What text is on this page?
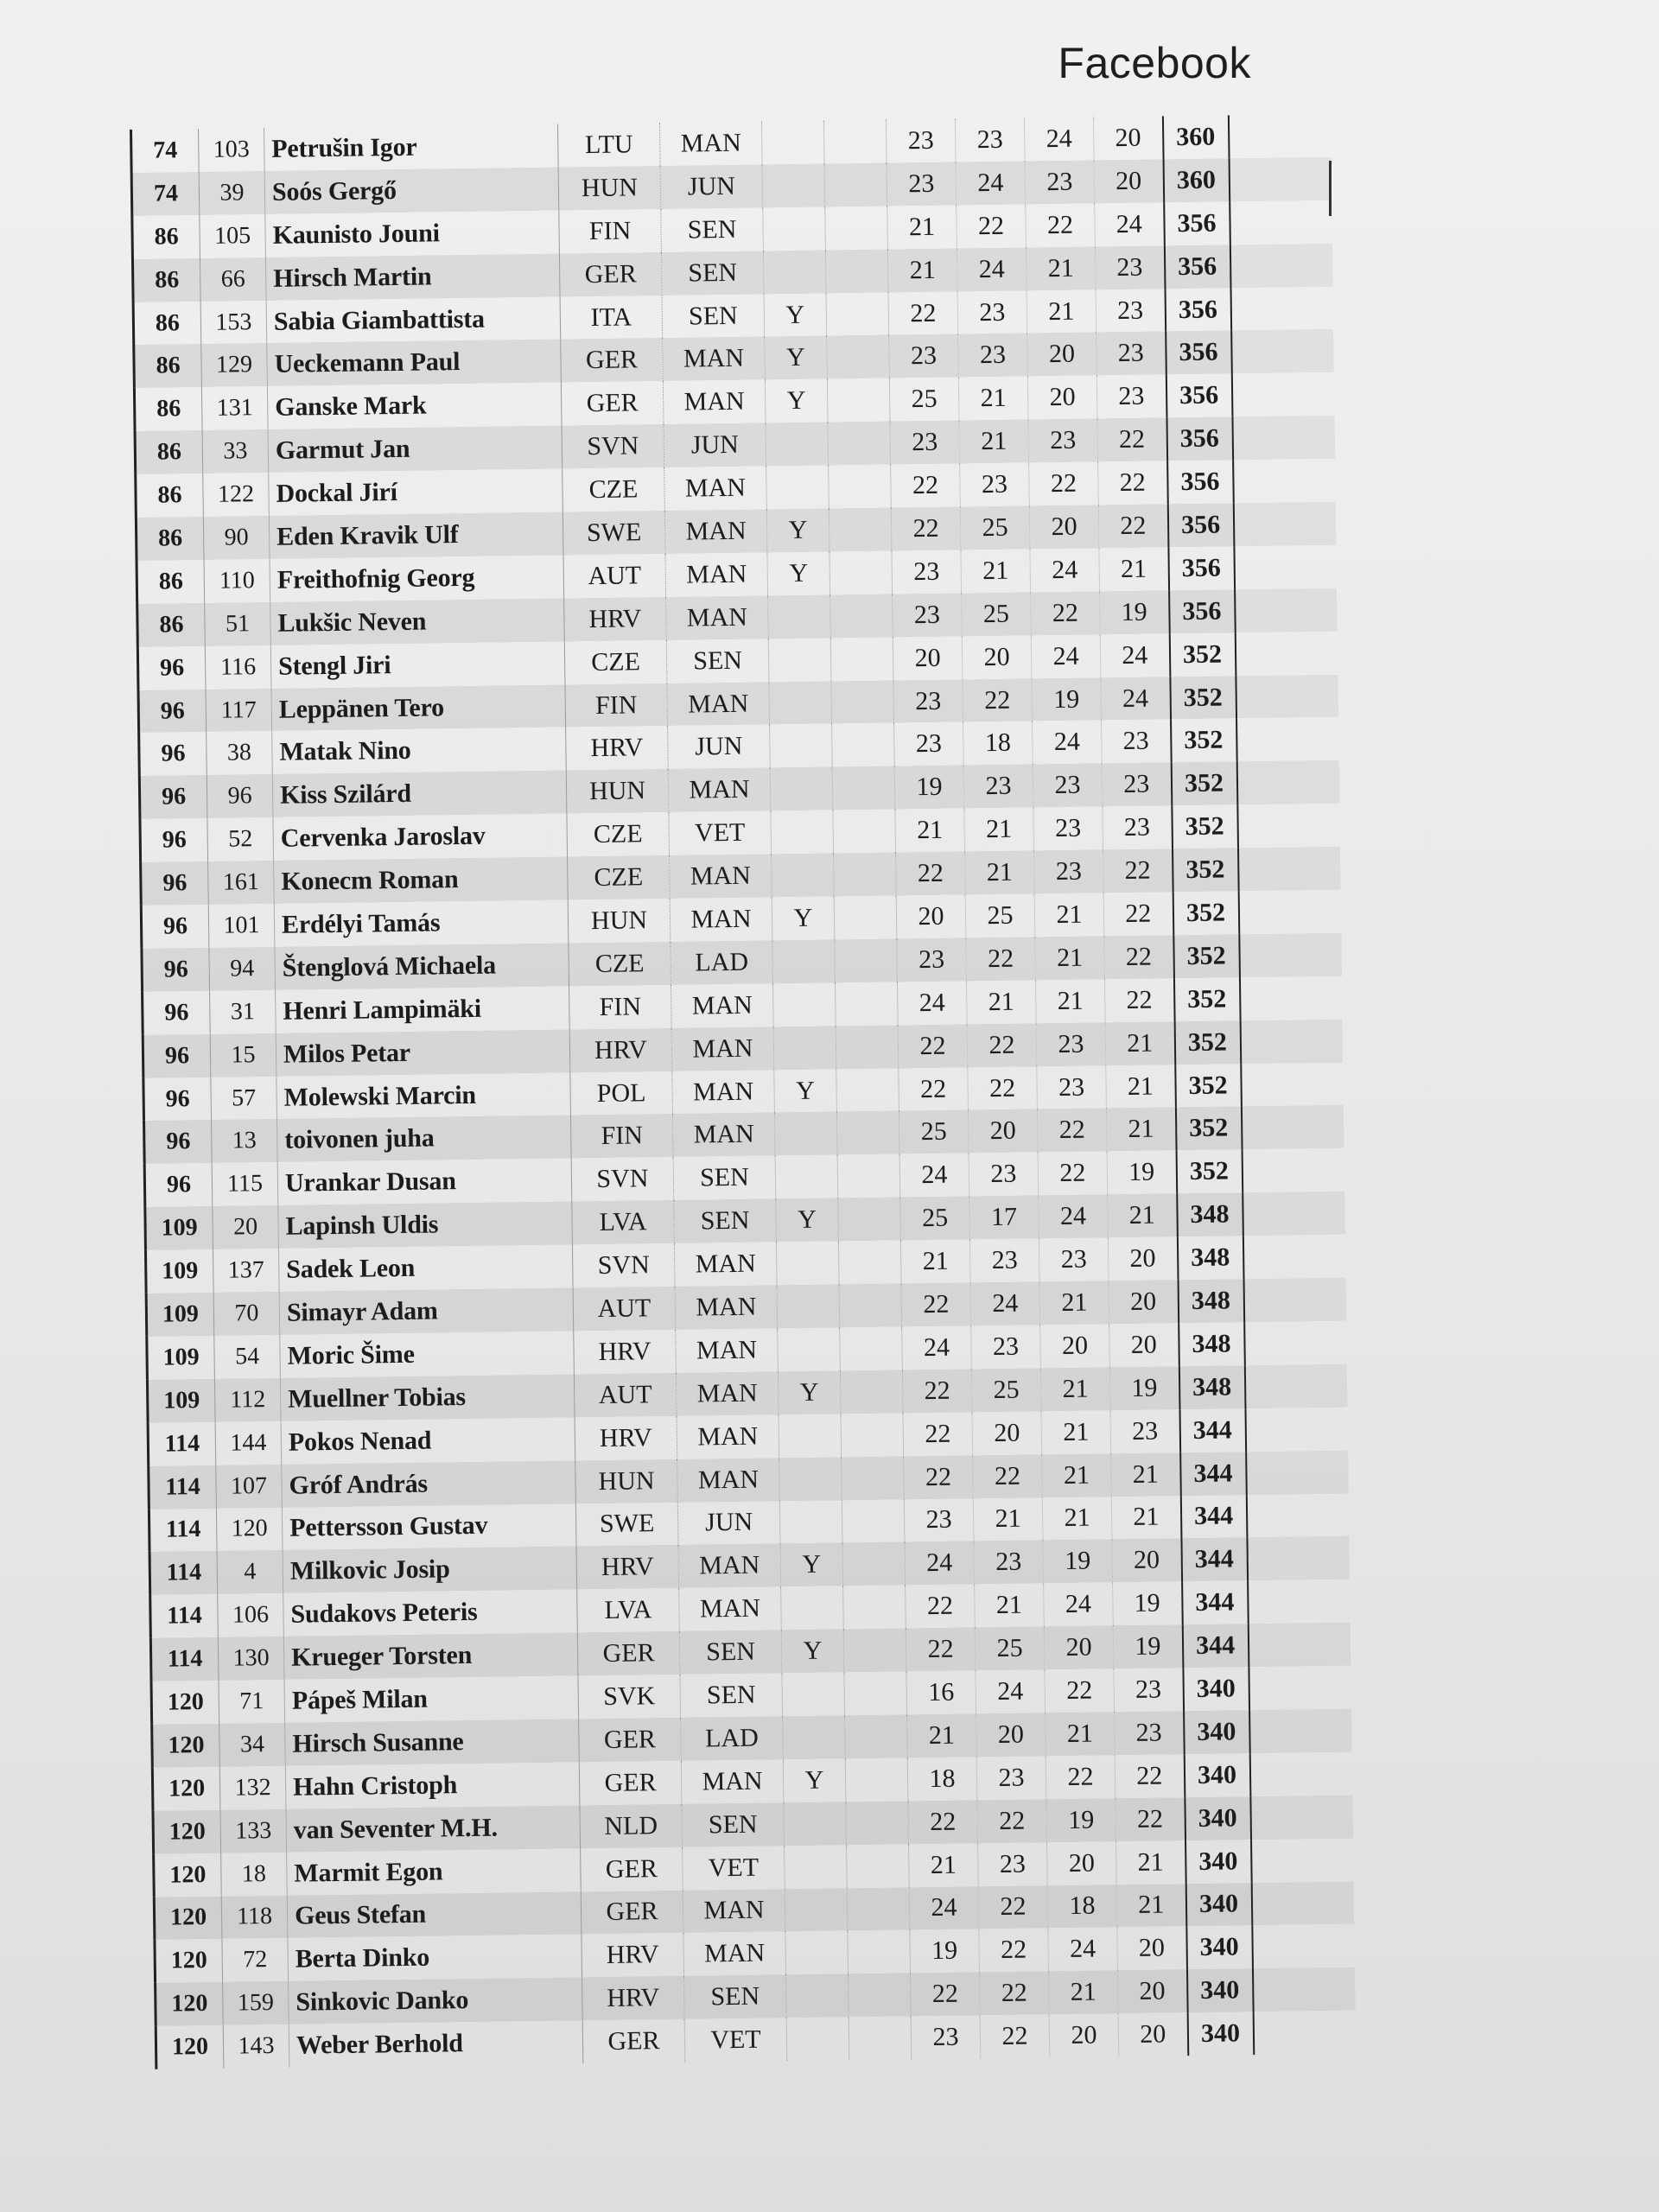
Facebook
74	103	Petrušin Igor	LTU	MAN			23	23	24	20	360	
74	39	Soós Gergő	HUN	JUN			23	24	23	20	360	
86	105	Kaunisto Jouni	FIN	SEN			21	22	22	24	356	
86	66	Hirsch Martin	GER	SEN			21	24	21	23	356	
86	153	Sabia Giambattista	ITA	SEN	Y		22	23	21	23	356	
86	129	Ueckemann Paul	GER	MAN	Y		23	23	20	23	356	
86	131	Ganske Mark	GER	MAN	Y		25	21	20	23	356	
86	33	Garmut Jan	SVN	JUN			23	21	23	22	356	
86	122	Dockal Jirí	CZE	MAN			22	23	22	22	356	
86	90	Eden Kravik Ulf	SWE	MAN	Y		22	25	20	22	356	
86	110	Freithofnig Georg	AUT	MAN	Y		23	21	24	21	356	
86	51	Lukšic Neven	HRV	MAN			23	25	22	19	356	
96	116	Stengl Jiri	CZE	SEN			20	20	24	24	352	
96	117	Leppänen Tero	FIN	MAN			23	22	19	24	352	
96	38	Matak Nino	HRV	JUN			23	18	24	23	352	
96	96	Kiss Szilárd	HUN	MAN			19	23	23	23	352	
96	52	Cervenka Jaroslav	CZE	VET			21	21	23	23	352	
96	161	Konecm Roman	CZE	MAN			22	21	23	22	352	
96	101	Erdélyi Tamás	HUN	MAN	Y		20	25	21	22	352	
96	94	Štenglová Michaela	CZE	LAD			23	22	21	22	352	
96	31	Henri Lampimäki	FIN	MAN			24	21	21	22	352	
96	15	Milos Petar	HRV	MAN			22	22	23	21	352	
96	57	Molewski Marcin	POL	MAN	Y		22	22	23	21	352	
96	13	toivonen juha	FIN	MAN			25	20	22	21	352	
96	115	Urankar Dusan	SVN	SEN			24	23	22	19	352	
109	20	Lapinsh Uldis	LVA	SEN	Y		25	17	24	21	348	
109	137	Sadek Leon	SVN	MAN			21	23	23	20	348	
109	70	Simayr Adam	AUT	MAN			22	24	21	20	348	
109	54	Moric Šime	HRV	MAN			24	23	20	20	348	
109	112	Muellner Tobias	AUT	MAN	Y		22	25	21	19	348	
114	144	Pokos Nenad	HRV	MAN			22	20	21	23	344	
114	107	Gróf András	HUN	MAN			22	22	21	21	344	
114	120	Pettersson Gustav	SWE	JUN			23	21	21	21	344	
114	4	Milkovic Josip	HRV	MAN	Y		24	23	19	20	344	
114	106	Sudakovs Peteris	LVA	MAN			22	21	24	19	344	
114	130	Krueger Torsten	GER	SEN	Y		22	25	20	19	344	
120	71	Pápeš Milan	SVK	SEN			16	24	22	23	340	
120	34	Hirsch Susanne	GER	LAD			21	20	21	23	340	
120	132	Hahn Cristoph	GER	MAN	Y		18	23	22	22	340	
120	133	van Seventer M.H.	NLD	SEN			22	22	19	22	340	
120	18	Marmit Egon	GER	VET			21	23	20	21	340	
120	118	Geus Stefan	GER	MAN			24	22	18	21	340	
120	72	Berta Dinko	HRV	MAN			19	22	24	20	340	
120	159	Sinkovic Danko	HRV	SEN			22	22	21	20	340	
120	143	Weber Berhold	GER	VET			23	22	20	20	340	
